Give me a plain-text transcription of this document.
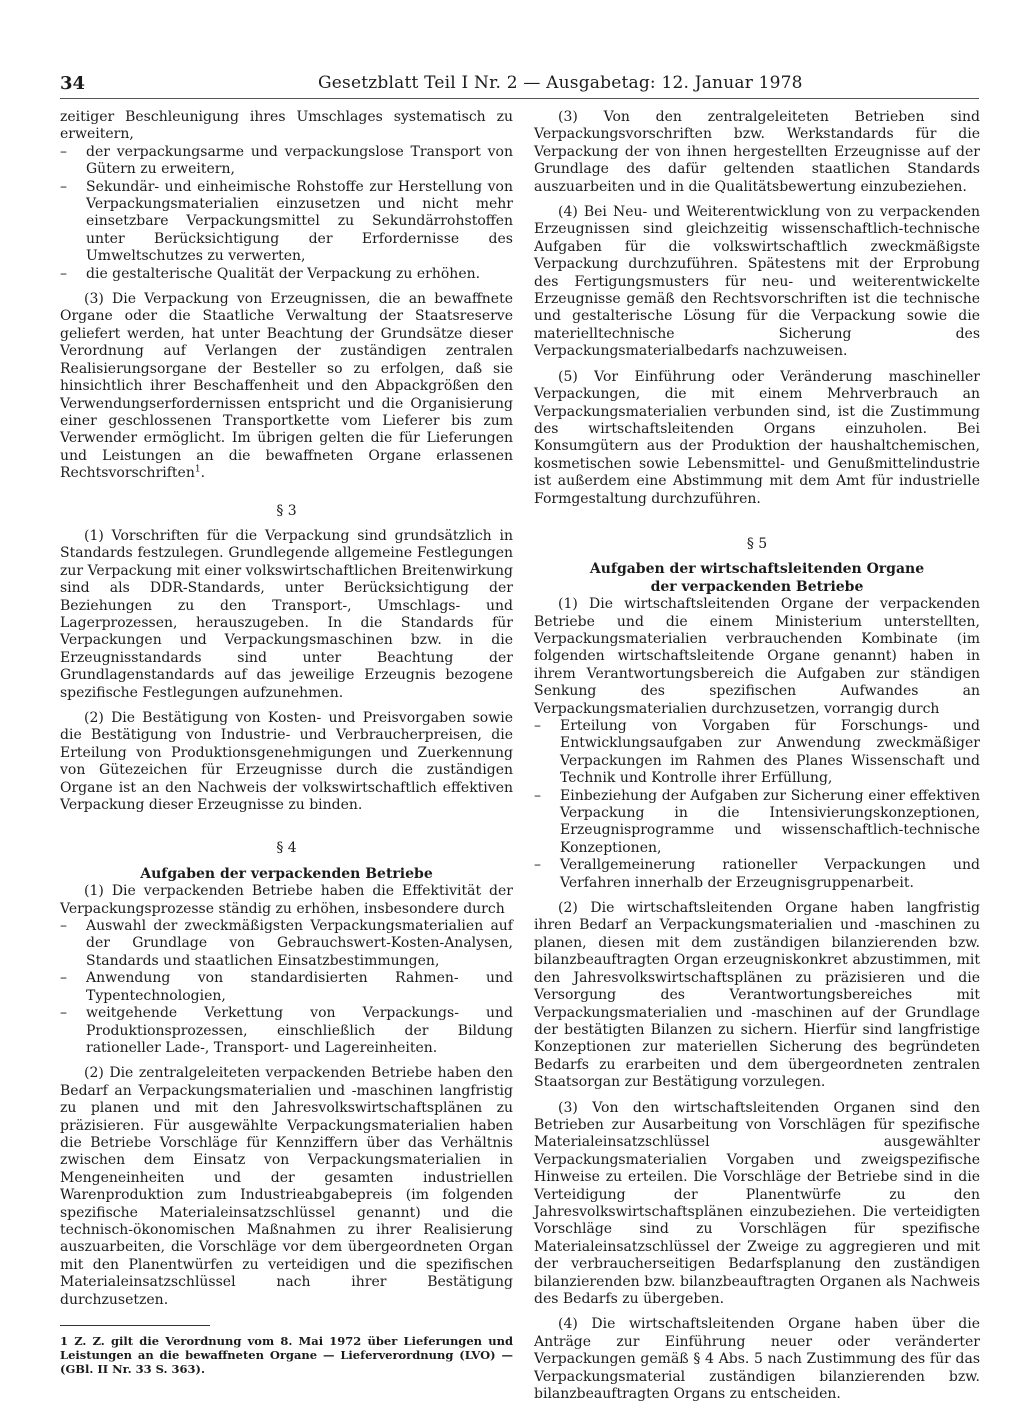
34	Gesetzblatt Teil I Nr. 2 — Ausgabetag: 12. Januar 1978

zeitiger Beschleunigung ihres Umschlages systematisch zu erweitern,

–	der verpackungsarme und verpackungslose Transport von Gütern zu erweitern,
–	Sekundär- und einheimische Rohstoffe zur Herstellung von Verpackungsmaterialien einzusetzen und nicht mehr einsetzbare Verpackungsmittel zu Sekundärrohstoffen unter Berücksichtigung der Erfordernisse des Umweltschutzes zu verwerten,
–	die gestalterische Qualität der Verpackung zu erhöhen.

(3) Die Verpackung von Erzeugnissen, die an bewaffnete Organe oder die Staatliche Verwaltung der Staatsreserve geliefert werden, hat unter Beachtung der Grundsätze dieser Verordnung auf Verlangen der zuständigen zentralen Realisierungsorgane der Besteller so zu erfolgen, daß sie hinsichtlich ihrer Beschaffenheit und den Abpackgrößen den Verwendungserfordernissen entspricht und die Organisierung einer geschlossenen Transportkette vom Lieferer bis zum Verwender ermöglicht. Im übrigen gelten die für Lieferungen und Leistungen an die bewaffneten Organe erlassenen Rechtsvorschriften$^1$.

§ 3

(1) Vorschriften für die Verpackung sind grundsätzlich in Standards festzulegen. Grundlegende allgemeine Festlegungen zur Verpackung mit einer volkswirtschaftlichen Breitenwirkung sind als DDR-Standards, unter Berücksichtigung der Beziehungen zu den Transport-, Umschlags- und Lagerprozessen, herauszugeben. In die Standards für Verpackungen und Verpackungsmaschinen bzw. in die Erzeugnisstandards sind unter Beachtung der Grundlagenstandards auf das jeweilige Erzeugnis bezogene spezifische Festlegungen aufzunehmen.

(2) Die Bestätigung von Kosten- und Preisvorgaben sowie die Bestätigung von Industrie- und Verbraucherpreisen, die Erteilung von Produktionsgenehmigungen und Zuerkennung von Gütezeichen für Erzeugnisse durch die zuständigen Organe ist an den Nachweis der volkswirtschaftlich effektiven Verpackung dieser Erzeugnisse zu binden.

§ 4

Aufgaben der verpackenden Betriebe

(1) Die verpackenden Betriebe haben die Effektivität der Verpackungsprozesse ständig zu erhöhen, insbesondere durch

–	Auswahl der zweckmäßigsten Verpackungsmaterialien auf der Grundlage von Gebrauchswert-Kosten-Analysen, Standards und staatlichen Einsatzbestimmungen,
–	Anwendung von standardisierten Rahmen- und Typentechnologien,
–	weitgehende Verkettung von Verpackungs- und Produktionsprozessen, einschließlich der Bildung rationeller Lade-, Transport- und Lagereinheiten.

(2) Die zentralgeleiteten verpackenden Betriebe haben den Bedarf an Verpackungsmaterialien und -maschinen langfristig zu planen und mit den Jahresvolkswirtschaftsplänen zu präzisieren. Für ausgewählte Verpackungsmaterialien haben die Betriebe Vorschläge für Kennziffern über das Verhältnis zwischen dem Einsatz von Verpackungsmaterialien in Mengeneinheiten und der gesamten industriellen Warenproduktion zum Industrieabgabepreis (im folgenden spezifische Materialeinsatzschlüssel genannt) und die technisch-ökonomischen Maßnahmen zu ihrer Realisierung auszuarbeiten, die Vorschläge vor dem übergeordneten Organ mit den Planentwürfen zu verteidigen und die spezifischen Materialeinsatzschlüssel nach ihrer Bestätigung durchzusetzen.

1 Z. Z. gilt die Verordnung vom 8. Mai 1972 über Lieferungen und Leistungen an die bewaffneten Organe — Lieferverordnung (LVO) — (GBl. II Nr. 33 S. 363).

(3) Von den zentralgeleiteten Betrieben sind Verpackungsvorschriften bzw. Werkstandards für die Verpackung der von ihnen hergestellten Erzeugnisse auf der Grundlage des dafür geltenden staatlichen Standards auszuarbeiten und in die Qualitätsbewertung einzubeziehen.

(4) Bei Neu- und Weiterentwicklung von zu verpackenden Erzeugnissen sind gleichzeitig wissenschaftlich-technische Aufgaben für die volkswirtschaftlich zweckmäßigste Verpackung durchzuführen. Spätestens mit der Erprobung des Fertigungsmusters für neu- und weiterentwickelte Erzeugnisse gemäß den Rechtsvorschriften ist die technische und gestalterische Lösung für die Verpackung sowie die materielltechnische Sicherung des Verpackungsmaterialbedarfs nachzuweisen.

(5) Vor Einführung oder Veränderung maschineller Verpackungen, die mit einem Mehrverbrauch an Verpackungsmaterialien verbunden sind, ist die Zustimmung des wirtschaftsleitenden Organs einzuholen. Bei Konsumgütern aus der Produktion der haushaltchemischen, kosmetischen sowie Lebensmittel- und Genußmittelindustrie ist außerdem eine Abstimmung mit dem Amt für industrielle Formgestaltung durchzuführen.

§ 5

Aufgaben der wirtschaftsleitenden Organe

der verpackenden Betriebe

(1) Die wirtschaftsleitenden Organe der verpackenden Betriebe und die einem Ministerium unterstellten, Verpackungsmaterialien verbrauchenden Kombinate (im folgenden wirtschaftsleitende Organe genannt) haben in ihrem Verantwortungsbereich die Aufgaben zur ständigen Senkung des spezifischen Aufwandes an Verpackungsmaterialien durchzusetzen, vorrangig durch

–	Erteilung von Vorgaben für Forschungs- und Entwicklungsaufgaben zur Anwendung zweckmäßiger Verpackungen im Rahmen des Planes Wissenschaft und Technik und Kontrolle ihrer Erfüllung,
–	Einbeziehung der Aufgaben zur Sicherung einer effektiven Verpackung in die Intensivierungskonzeptionen, Erzeugnisprogramme und wissenschaftlich-technische Konzeptionen,
–	Verallgemeinerung rationeller Verpackungen und Verfahren innerhalb der Erzeugnisgruppenarbeit.

(2) Die wirtschaftsleitenden Organe haben langfristig ihren Bedarf an Verpackungsmaterialien und -maschinen zu planen, diesen mit dem zuständigen bilanzierenden bzw. bilanzbeauftragten Organ erzeugniskonkret abzustimmen, mit den Jahresvolkswirtschaftsplänen zu präzisieren und die Versorgung des Verantwortungsbereiches mit Verpackungsmaterialien und -maschinen auf der Grundlage der bestätigten Bilanzen zu sichern. Hierfür sind langfristige Konzeptionen zur materiellen Sicherung des begründeten Bedarfs zu erarbeiten und dem übergeordneten zentralen Staatsorgan zur Bestätigung vorzulegen.

(3) Von den wirtschaftsleitenden Organen sind den Betrieben zur Ausarbeitung von Vorschlägen für spezifische Materialeinsatzschlüssel ausgewählter Verpackungsmaterialien Vorgaben und zweigspezifische Hinweise zu erteilen. Die Vorschläge der Betriebe sind in die Verteidigung der Planentwürfe zu den Jahresvolkswirtschaftsplänen einzubeziehen. Die verteidigten Vorschläge sind zu Vorschlägen für spezifische Materialeinsatzschlüssel der Zweige zu aggregieren und mit der verbraucherseitigen Bedarfsplanung den zuständigen bilanzierenden bzw. bilanzbeauftragten Organen als Nachweis des Bedarfs zu übergeben.

(4) Die wirtschaftsleitenden Organe haben über die Anträge zur Einführung neuer oder veränderter Verpackungen gemäß § 4 Abs. 5 nach Zustimmung des für das Verpackungsmaterial zuständigen bilanzierenden bzw. bilanzbeauftragten Organs zu entscheiden.
